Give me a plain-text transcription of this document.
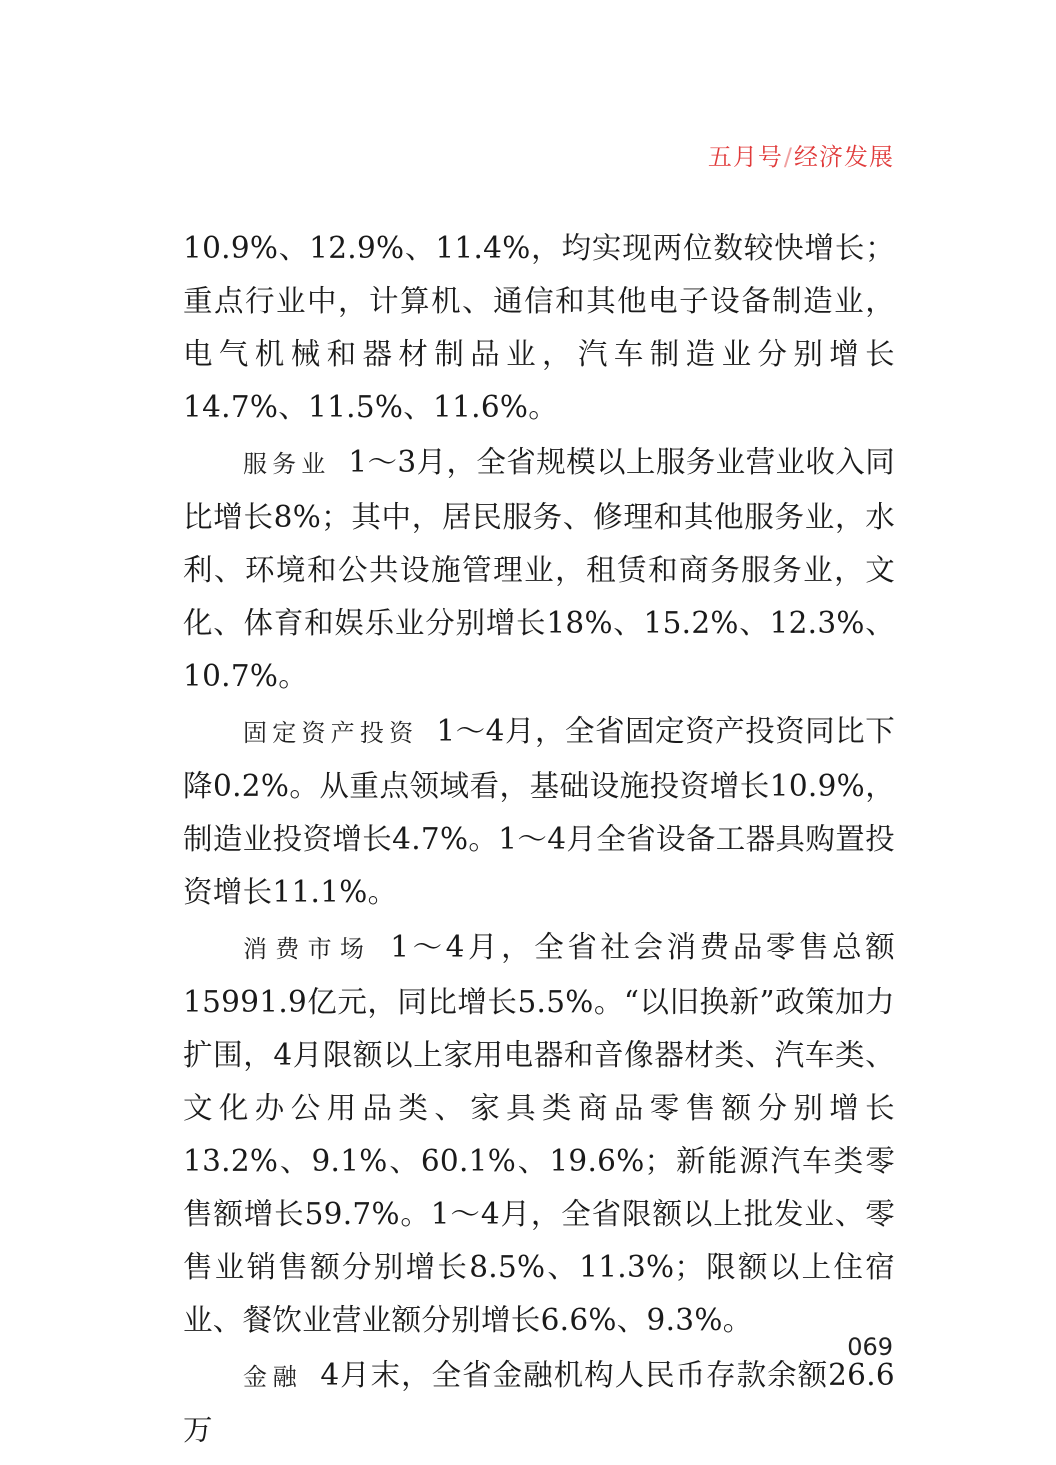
五月号/经济发展

10.9%、12.9%、11.4%，均实现两位数较快增长；重点行业中，计算机、通信和其他电子设备制造业，电气机械和器材制品业，汽车制造业分别增长14.7%、11.5%、11.6%。

服务业 1～3月，全省规模以上服务业营业收入同比增长8%；其中，居民服务、修理和其他服务业，水利、环境和公共设施管理业，租赁和商务服务业，文化、体育和娱乐业分别增长18%、15.2%、12.3%、10.7%。

固定资产投资 1～4月，全省固定资产投资同比下降0.2%。从重点领域看，基础设施投资增长10.9%，制造业投资增长4.7%。1～4月全省设备工器具购置投资增长11.1%。

消费市场 1～4月，全省社会消费品零售总额15991.9亿元，同比增长5.5%。“以旧换新”政策加力扩围，4月限额以上家用电器和音像器材类、汽车类、文化办公用品类、家具类商品零售额分别增长13.2%、9.1%、60.1%、19.6%；新能源汽车类零售额增长59.7%。1～4月，全省限额以上批发业、零售业销售额分别增长8.5%、11.3%；限额以上住宿业、餐饮业营业额分别增长6.6%、9.3%。

金融 4月末，全省金融机构人民币存款余额26.6万

069
